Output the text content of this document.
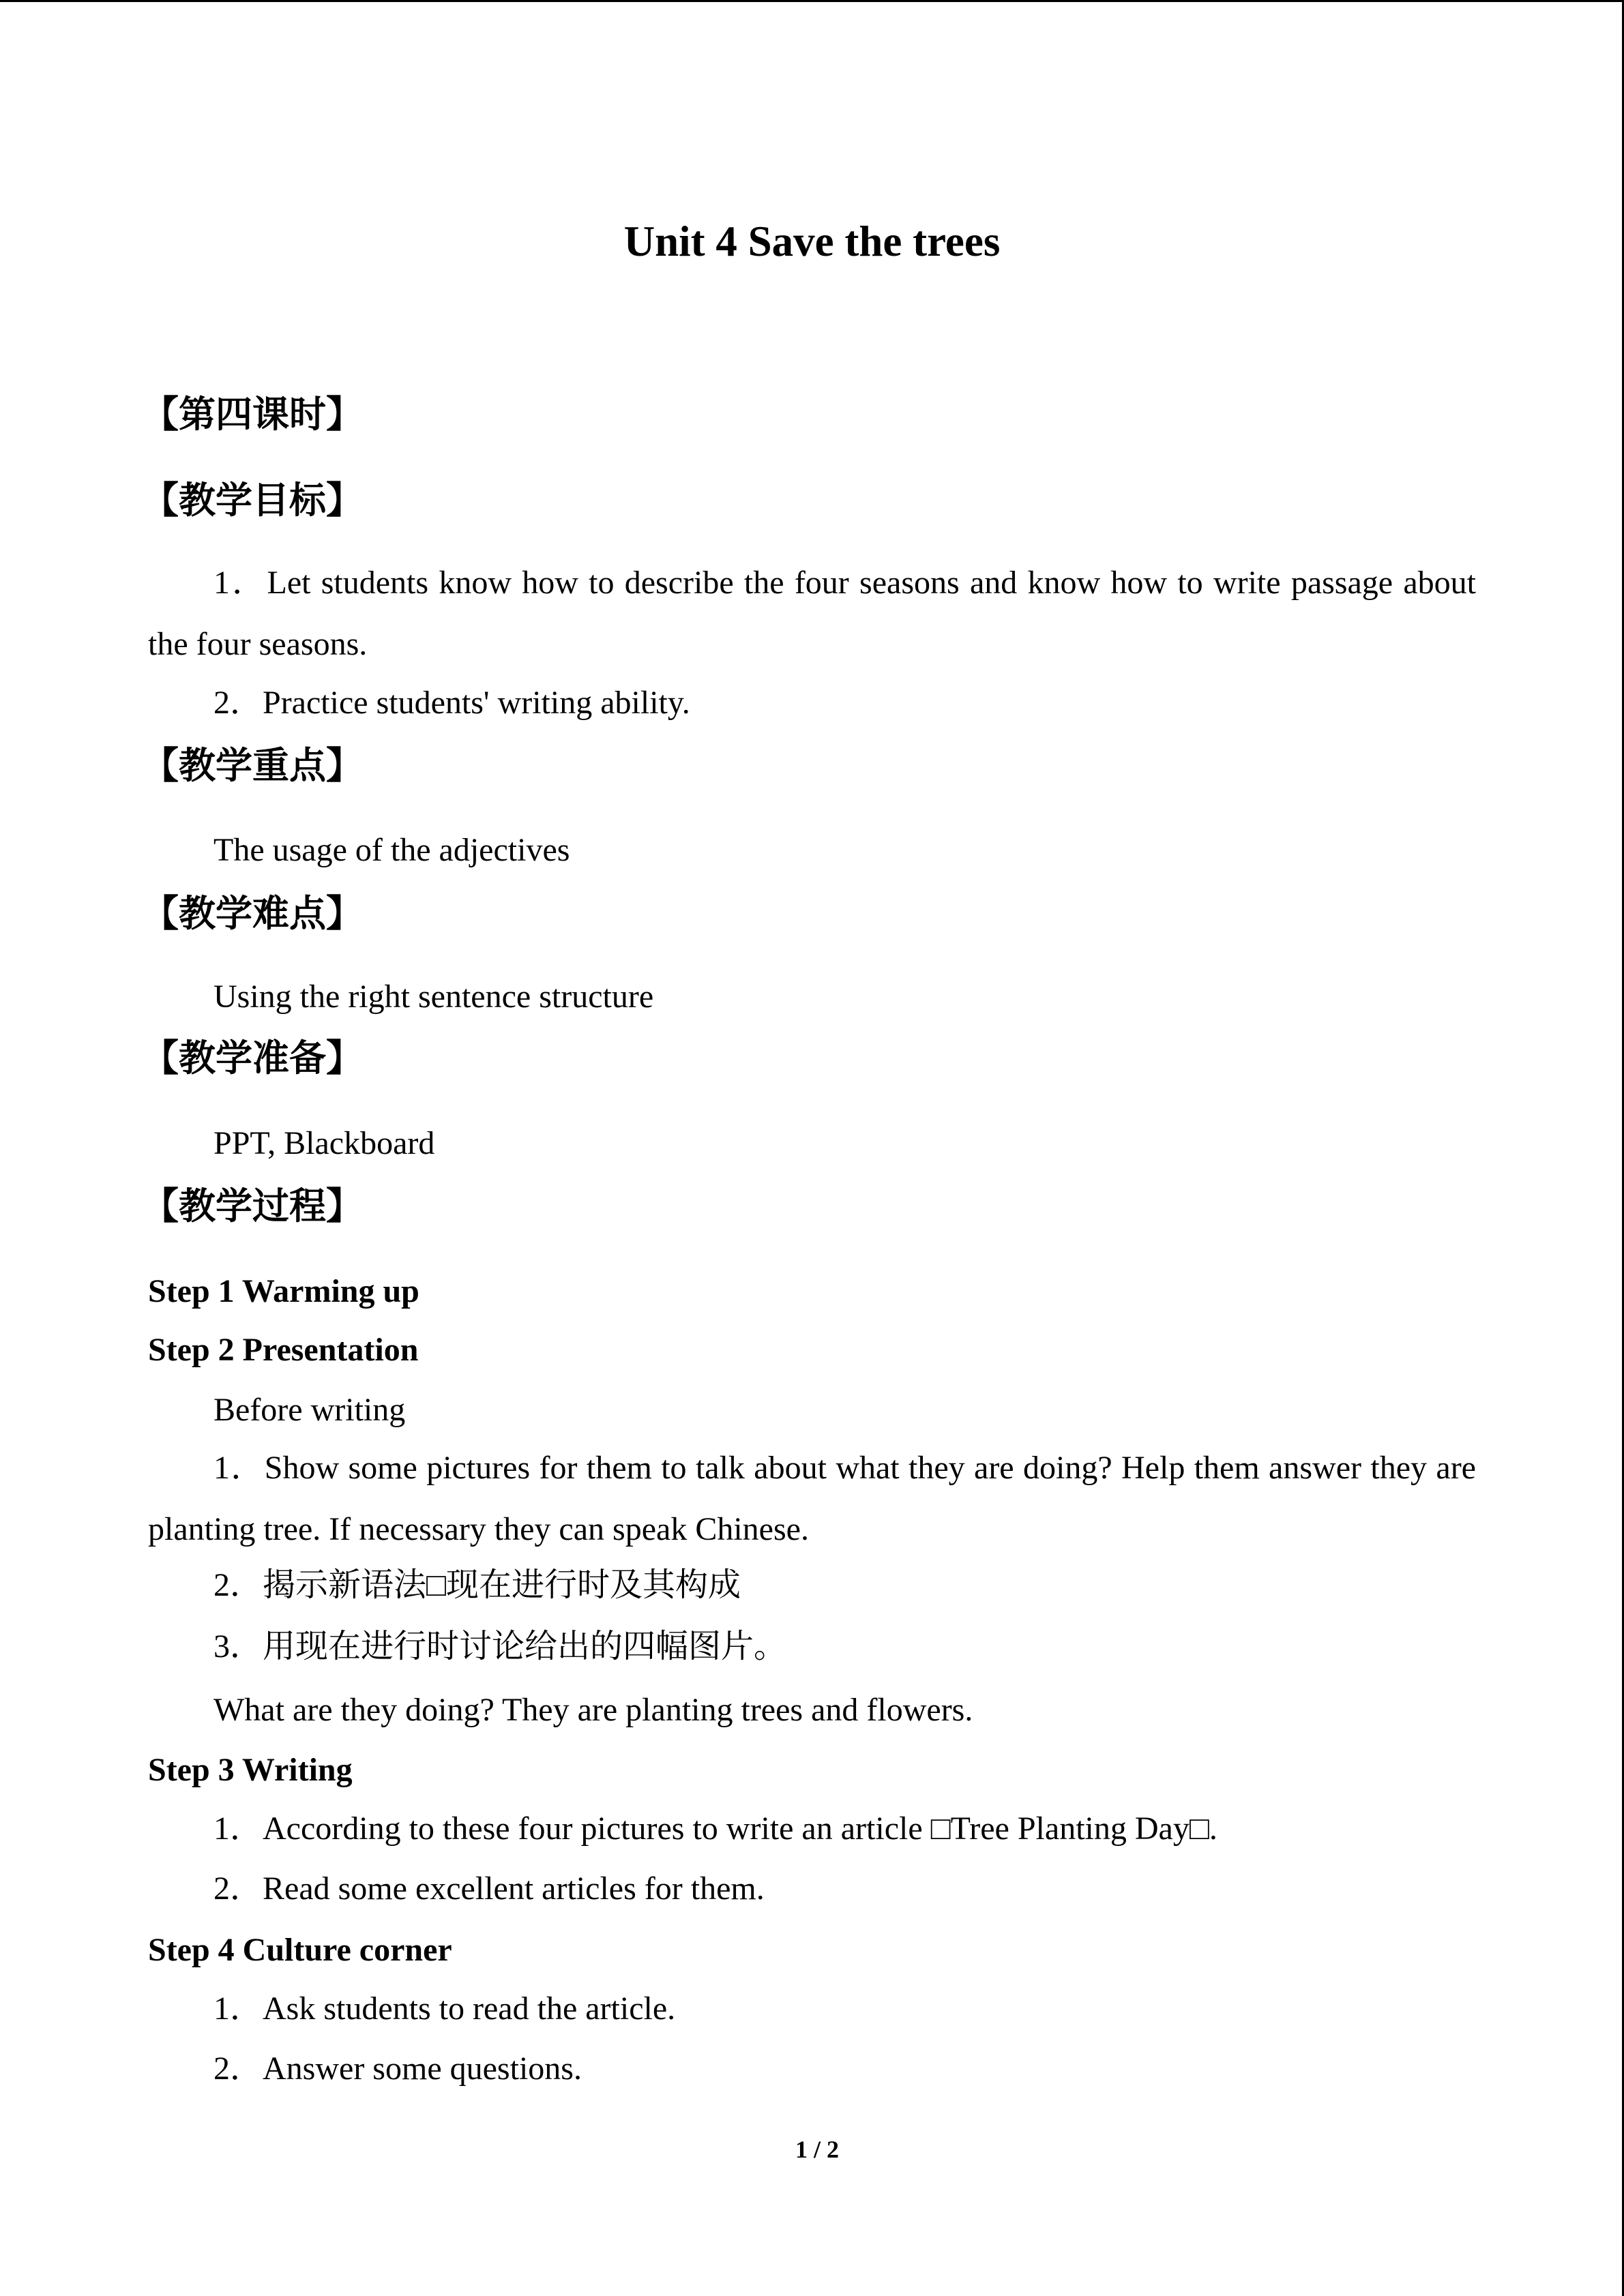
Unit 4 Save the trees
【第四课时】
【教学目标】
1．Let students know how to describe the four seasons and know how to write passage about the four seasons.
2．Practice students' writing ability.
【教学重点】
The usage of the adjectives
【教学难点】
Using the right sentence structure
【教学准备】
PPT, Blackboard
【教学过程】
Step 1 Warming up
Step 2 Presentation
Before writing
1．Show some pictures for them to talk about what they are doing? Help them answer they are planting tree. If necessary they can speak Chinese.
2．揭示新语法□现在进行时及其构成
3．用现在进行时讨论给出的四幅图片。
What are they doing? They are planting trees and flowers.
Step 3 Writing
1．According to these four pictures to write an article □Tree Planting Day□.
2．Read some excellent articles for them.
Step 4 Culture corner
1．Ask students to read the article.
2．Answer some questions.
1 / 2
